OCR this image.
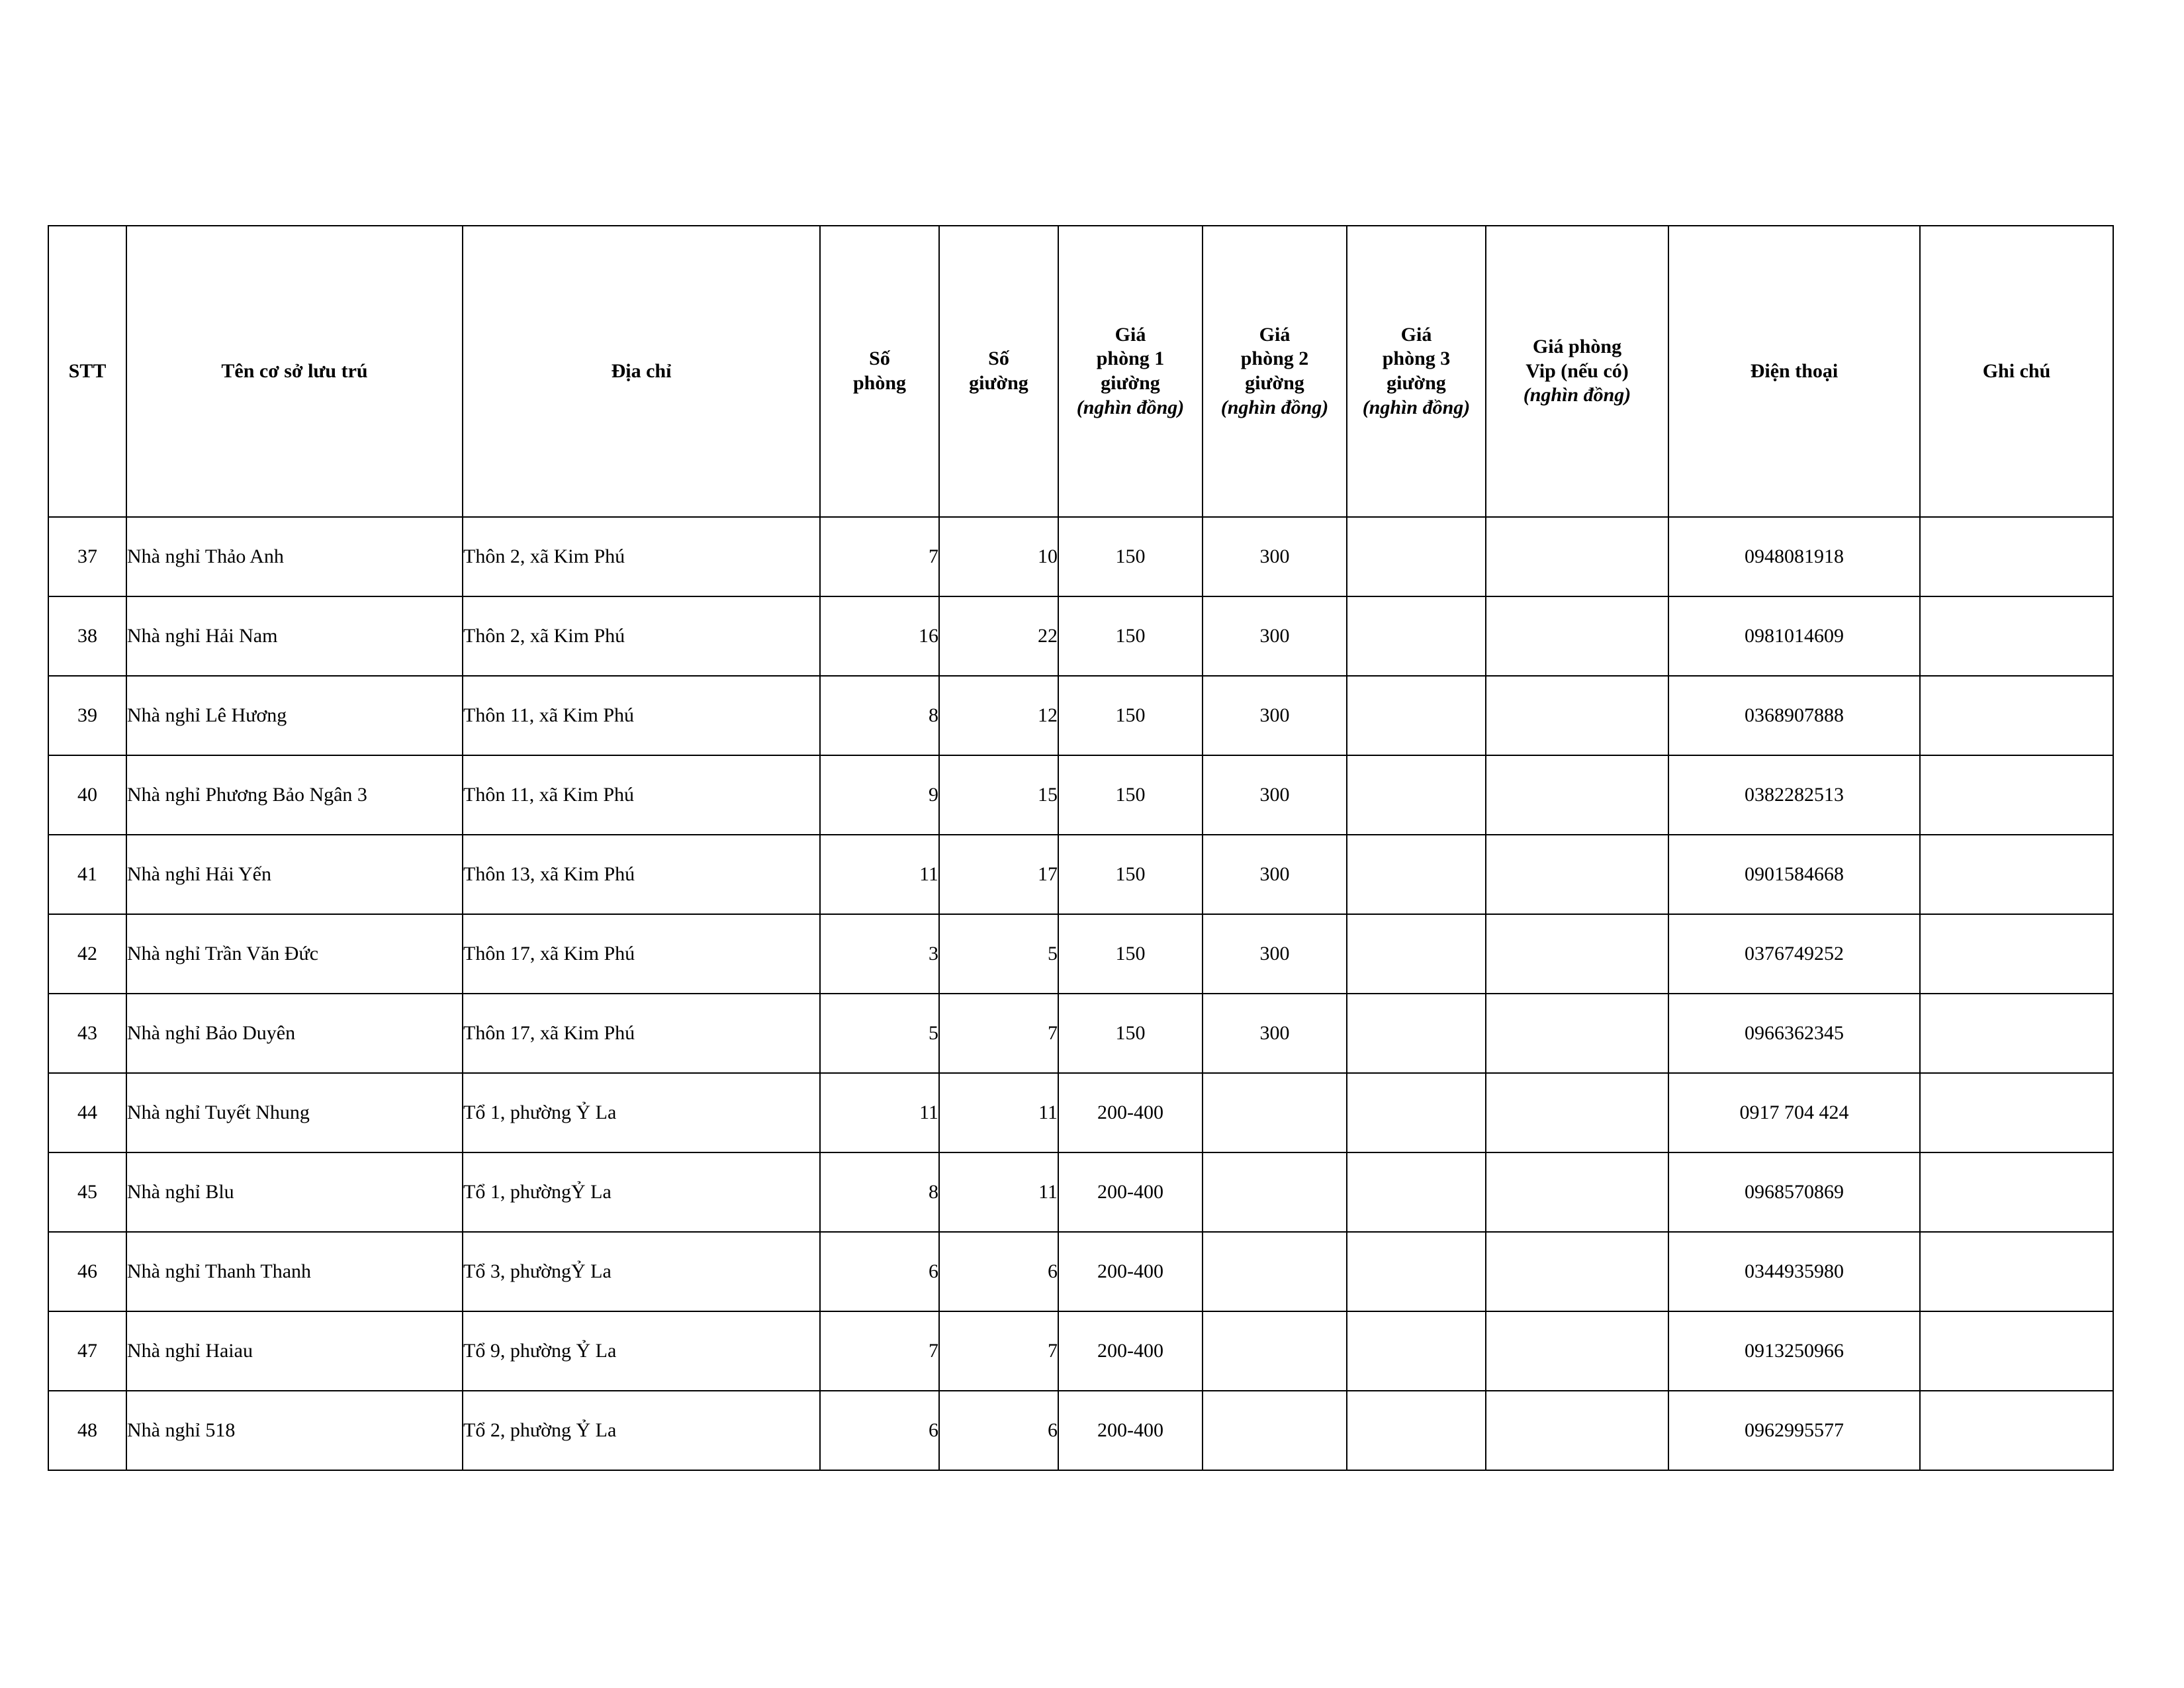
STT	Tên cơ sở lưu trú	Địa chỉ	Số
phòng	Số
giường	Giá
phòng 1
giường
(nghìn đồng)	Giá
phòng 2
giường
(nghìn đồng)	Giá
phòng 3
giường
(nghìn đồng)	Giá phòng
Vip (nếu có)
(nghìn đồng)	Điện thoại	Ghi chú
37	Nhà nghỉ Thảo Anh	Thôn 2, xã Kim Phú	7	10	150	300			0948081918	
38	Nhà nghỉ Hải Nam	Thôn 2, xã Kim Phú	16	22	150	300			0981014609	
39	Nhà nghỉ Lê Hương	Thôn 11, xã Kim Phú	8	12	150	300			0368907888	
40	Nhà nghỉ Phương Bảo Ngân 3	Thôn 11, xã Kim Phú	9	15	150	300			0382282513	
41	Nhà nghỉ Hải Yến	Thôn 13, xã Kim Phú	11	17	150	300			0901584668	
42	Nhà nghỉ Trần Văn Đức	Thôn 17, xã Kim Phú	3	5	150	300			0376749252	
43	Nhà nghỉ Bảo Duyên	Thôn 17, xã Kim Phú	5	7	150	300			0966362345	
44	Nhà nghỉ Tuyết Nhung	Tổ 1, phường Ỷ La	11	11	200-400				0917 704 424	
45	Nhà nghỉ Blu	Tổ 1, phườngỶ La	8	11	200-400				0968570869	
46	Nhà nghỉ Thanh Thanh	Tổ 3, phườngỶ La	6	6	200-400				0344935980	
47	Nhà nghỉ Haiau	Tổ 9, phường Ỷ La	7	7	200-400				0913250966	
48	Nhà nghỉ 518	Tổ 2, phường Ỷ La	6	6	200-400				0962995577	
